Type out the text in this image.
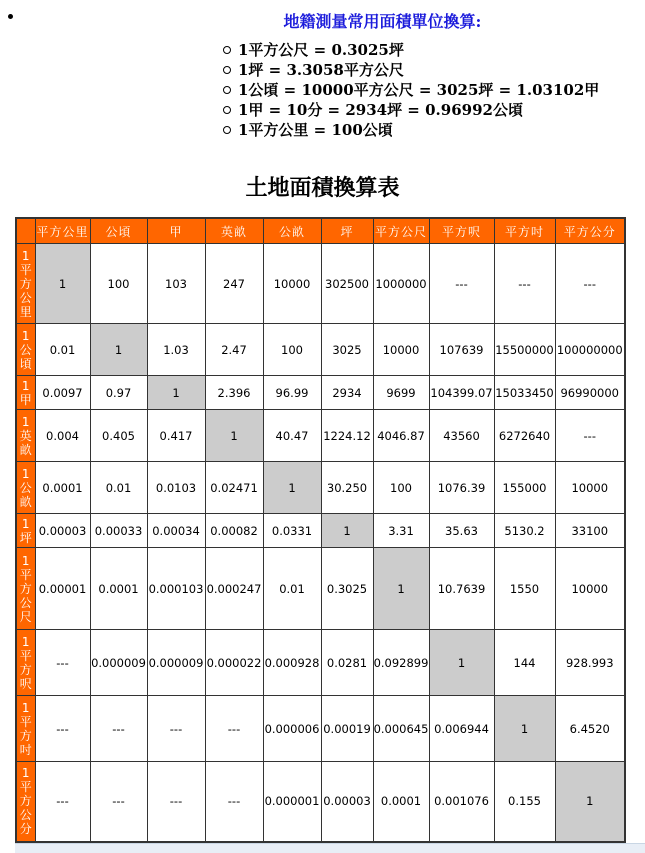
地籍測量常用面積單位換算:
1平方公尺 = 0.3025坪
1坪 = 3.3058平方公尺
1公頃 = 10000平方公尺 = 3025坪 = 1.03102甲
1甲 = 10分 = 2934坪 = 0.96992公頃
1平方公里 = 100公頃
土地面積換算表
	平方公里	公頃	甲	英畝	公畝	坪	平方公尺	平方呎	平方吋	平方公分

1平方公里	1	100	103	247	10000	302500	1000000	---	---	---

1公頃	0.01	1	1.03	2.47	100	3025	10000	107639	15500000	100000000

1甲	0.0097	0.97	1	2.396	96.99	2934	9699	104399.07	15033450	96990000

1英畝	0.004	0.405	0.417	1	40.47	1224.12	4046.87	43560	6272640	---

1公畝	0.0001	0.01	0.0103	0.02471	1	30.250	100	1076.39	155000	10000

1坪	0.00003	0.00033	0.00034	0.00082	0.0331	1	3.31	35.63	5130.2	33100

1平方公尺	0.00001	0.0001	0.000103	0.000247	0.01	0.3025	1	10.7639	1550	10000

1平方呎	---	0.000009	0.000009	0.000022	0.000928	0.0281	0.092899	1	144	928.993

1平方吋	---	---	---	---	0.000006	0.00019	0.000645	0.006944	1	6.4520

1平方公分	---	---	---	---	0.000001	0.00003	0.0001	0.001076	0.155	1
